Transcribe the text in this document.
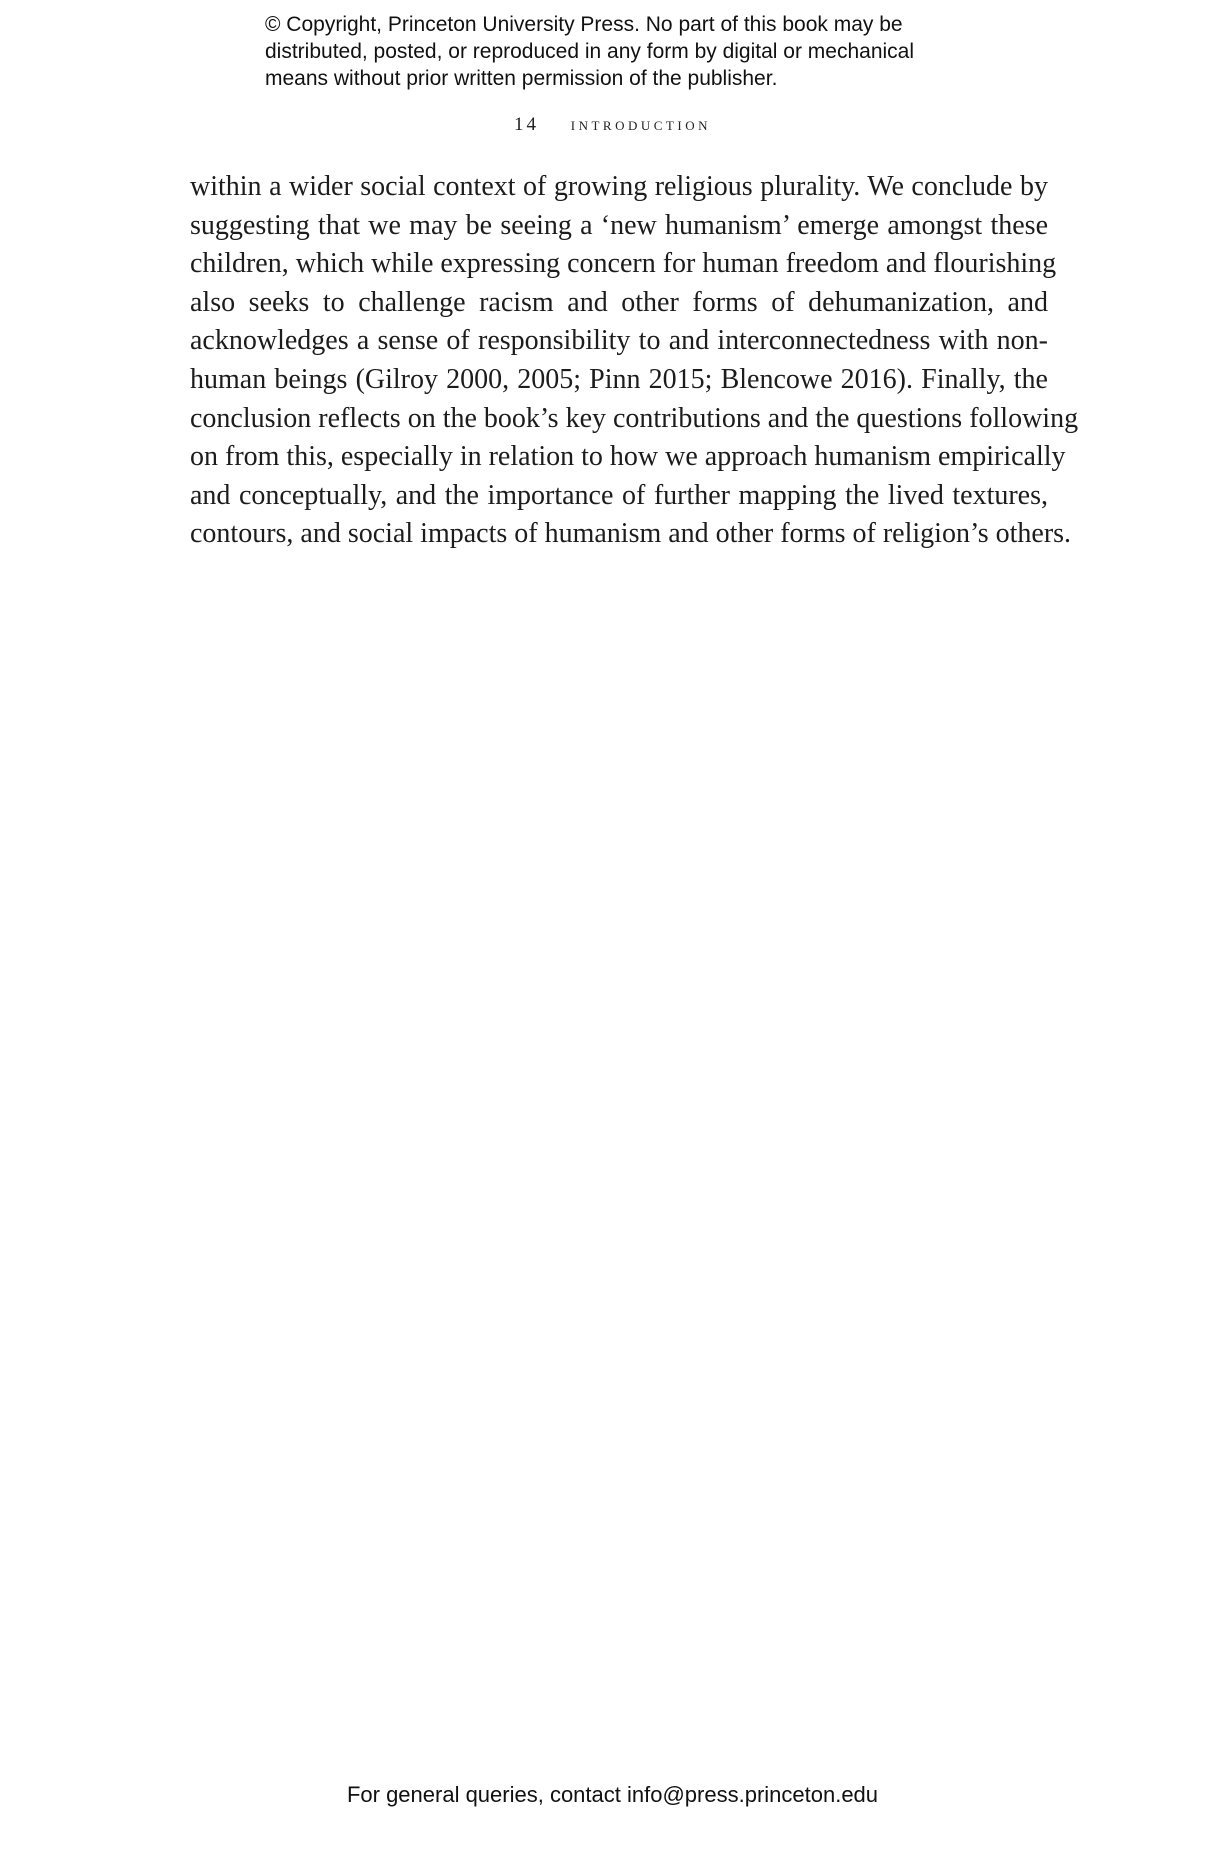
© Copyright, Princeton University Press. No part of this book may be
distributed, posted, or reproduced in any form by digital or mechanical
means without prior written permission of the publisher.
14 introduction
within a wider social context of growing religious plurality. We conclude by
suggesting that we may be seeing a ‘new humanism’ emerge amongst these
children, which while expressing concern for human freedom and flourishing
also seeks to challenge racism and other forms of dehumanization, and
acknowledges a sense of responsibility to and interconnectedness with non-
human beings (Gilroy 2000, 2005; Pinn 2015; Blencowe 2016). Finally, the
conclusion reflects on the book’s key contributions and the questions following
on from this, especially in relation to how we approach humanism empirically
and conceptually, and the importance of further mapping the lived textures,
contours, and social impacts of humanism and other forms of religion’s others.
For general queries, contact info@press.princeton.edu
